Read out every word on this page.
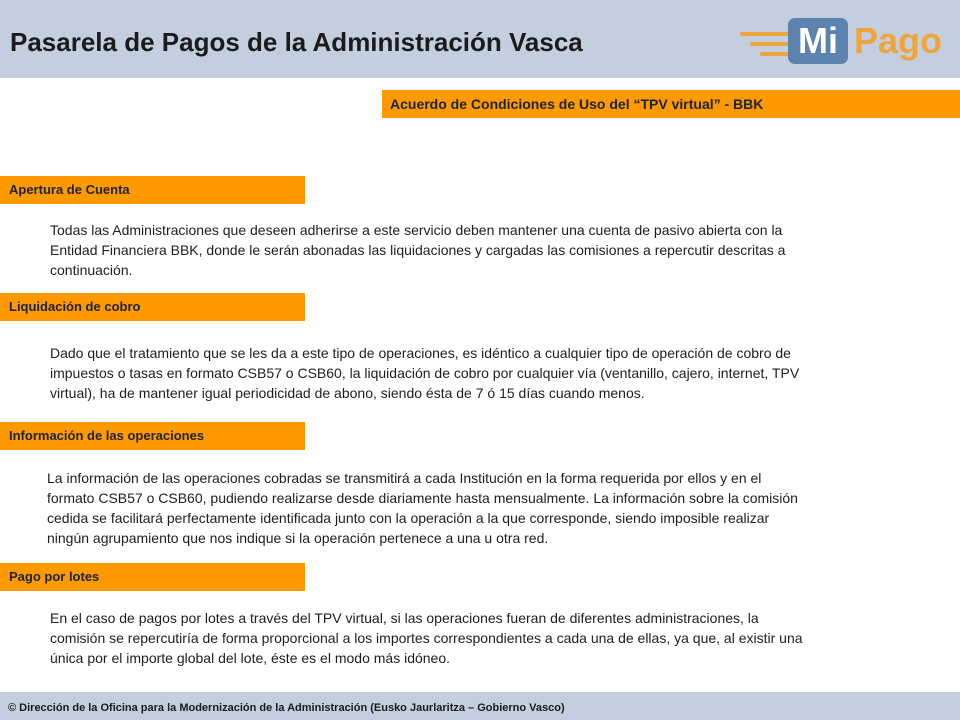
Pasarela de Pagos de la Administración Vasca	Mi Pago
Acuerdo de Condiciones de Uso del “TPV virtual” - BBK
Apertura de Cuenta
Todas las Administraciones que deseen adherirse a este servicio deben mantener una cuenta de pasivo abierta con la
Entidad Financiera BBK, donde le serán abonadas las liquidaciones y cargadas las comisiones a repercutir descritas a
continuación.
Liquidación de cobro
Dado que el tratamiento que se les da a este tipo de operaciones, es idéntico a cualquier tipo de operación de cobro de
impuestos o tasas en formato CSB57 o CSB60, la liquidación de cobro por cualquier vía (ventanillo, cajero, internet, TPV
virtual), ha de mantener igual periodicidad de abono, siendo ésta de 7 ó 15 días cuando menos.
Información de las operaciones
La información de las operaciones cobradas se transmitirá a cada Institución en la forma requerida por ellos y en el
formato CSB57 o CSB60, pudiendo realizarse desde diariamente hasta mensualmente. La información sobre la comisión
cedida se facilitará perfectamente identificada junto con la operación a la que corresponde, siendo imposible realizar
ningún agrupamiento que nos indique si la operación pertenece a una u otra red.
Pago por lotes
En el caso de pagos por lotes a través del TPV virtual, si las operaciones fueran de diferentes administraciones, la
comisión se repercutiría de forma proporcional a los importes correspondientes a cada una de ellas, ya que, al existir una
única por el importe global del lote, éste es el modo más idóneo.
© Dirección de la Oficina para la Modernización de la Administración (Eusko Jaurlaritza – Gobierno Vasco)
